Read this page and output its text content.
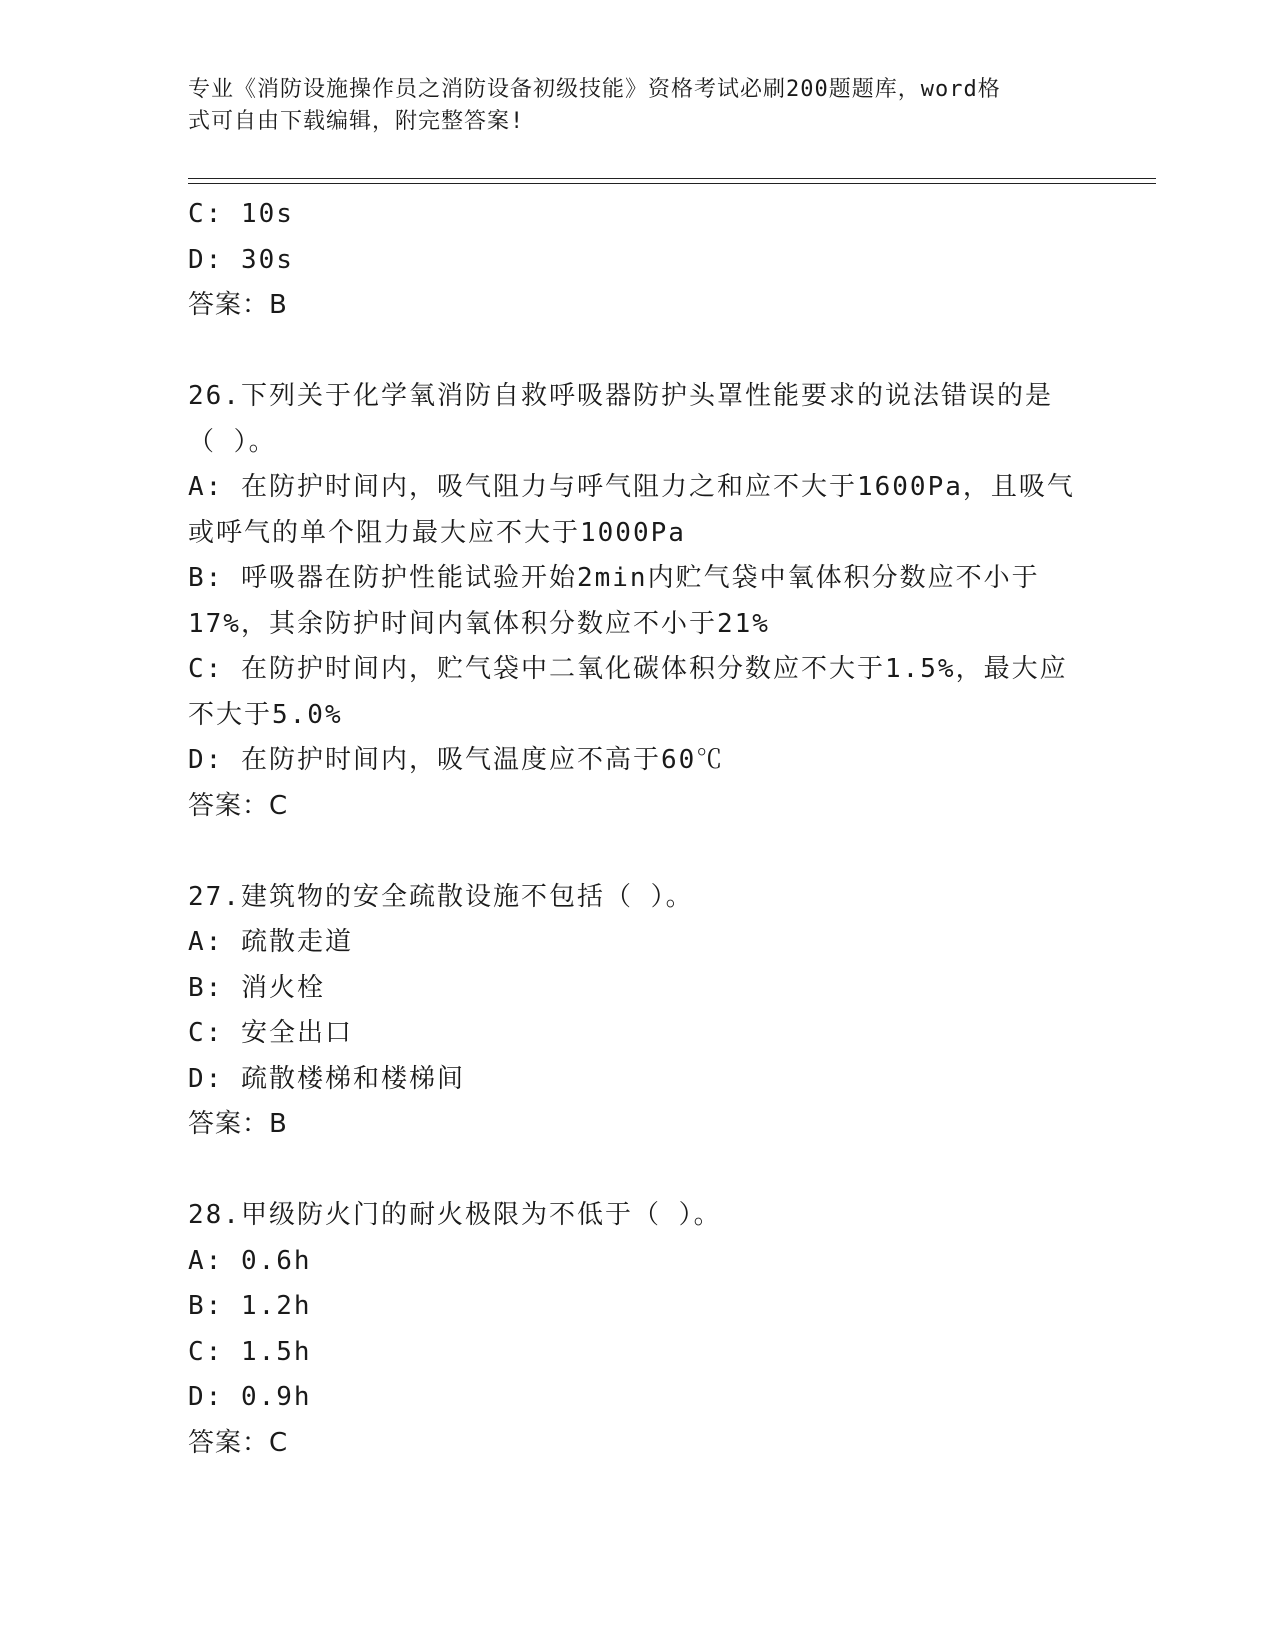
专业《消防设施操作员之消防设备初级技能》资格考试必刷200题题库，word格
式可自由下载编辑，附完整答案!
C: 10s
D: 30s
答案：B
26.下列关于化学氧消防自救呼吸器防护头罩性能要求的说法错误的是
（ ）。
A: 在防护时间内，吸气阻力与呼气阻力之和应不大于1600Pa，且吸气
或呼气的单个阻力最大应不大于1000Pa
B: 呼吸器在防护性能试验开始2min内贮气袋中氧体积分数应不小于
17%，其余防护时间内氧体积分数应不小于21%
C: 在防护时间内，贮气袋中二氧化碳体积分数应不大于1.5%，最大应
不大于5.0%
D: 在防护时间内，吸气温度应不高于60℃
答案：C
27.建筑物的安全疏散设施不包括（ ）。
A: 疏散走道
B: 消火栓
C: 安全出口
D: 疏散楼梯和楼梯间
答案：B
28.甲级防火门的耐火极限为不低于（ ）。
A: 0.6h
B: 1.2h
C: 1.5h
D: 0.9h
答案：C
